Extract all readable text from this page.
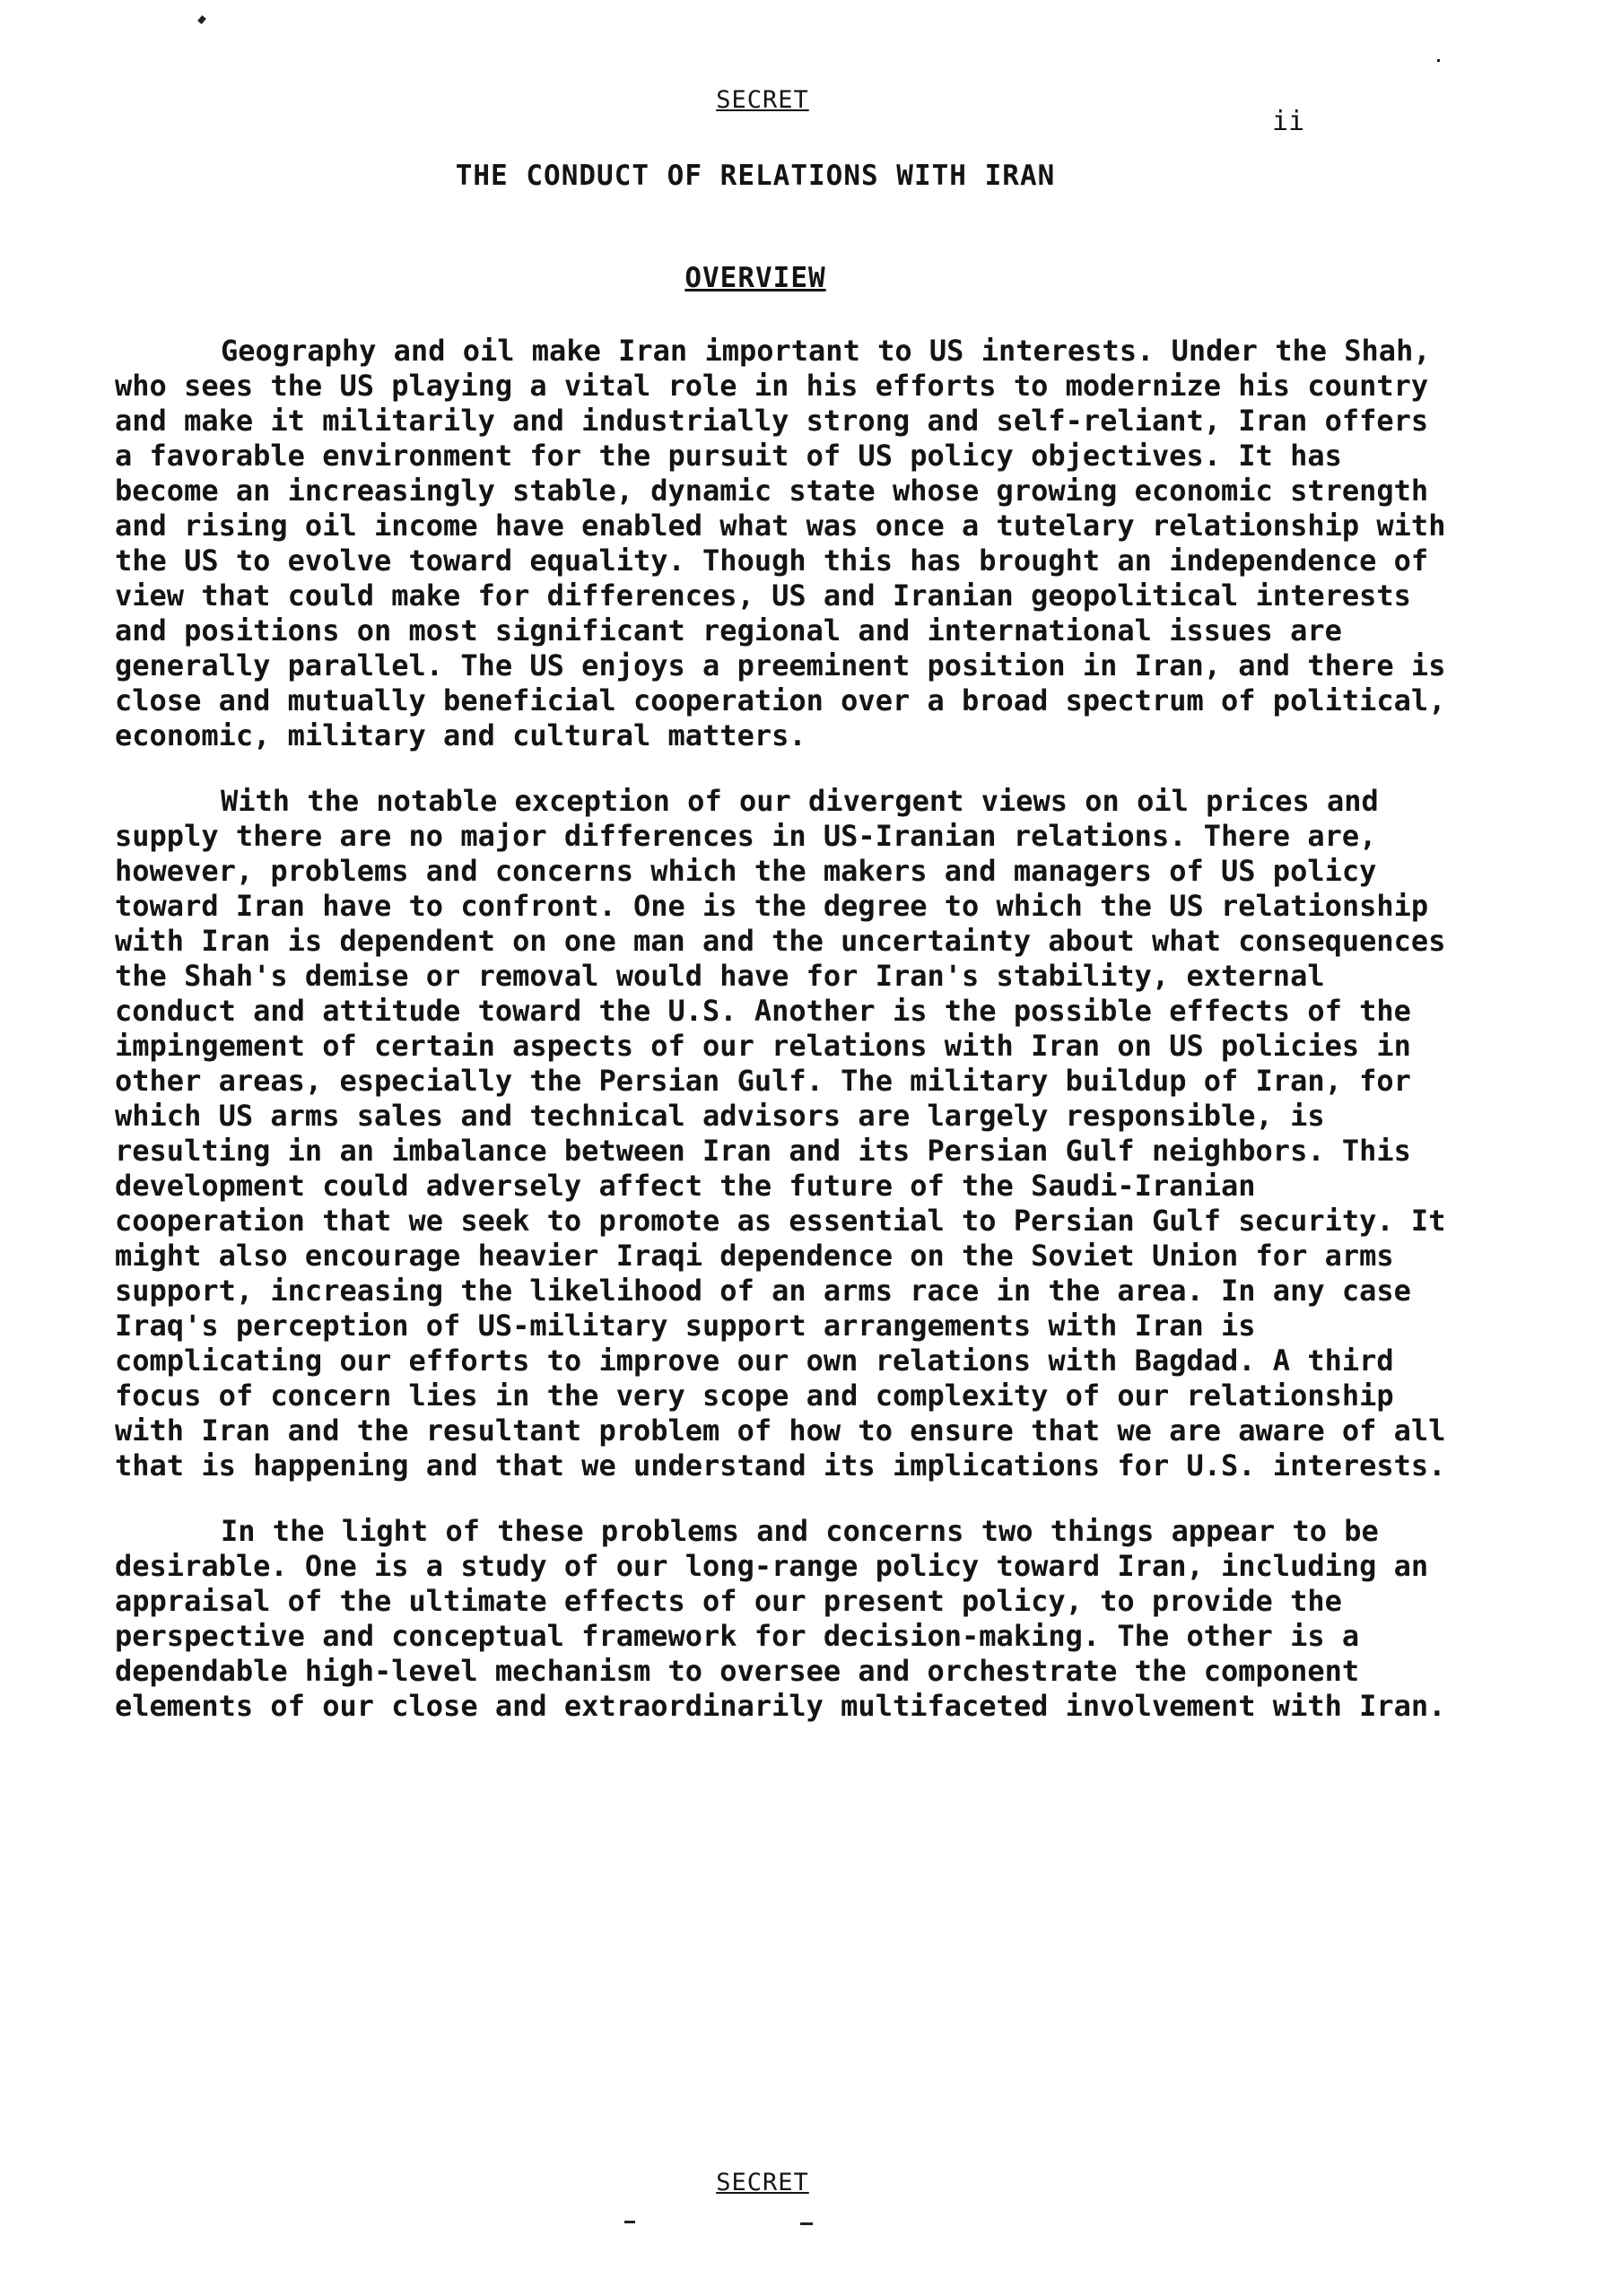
SECRET
ii
THE CONDUCT OF RELATIONS WITH IRAN
OVERVIEW

Geography and oil make Iran important to US interests. Under the Shah, who sees the US playing a vital role in his efforts to modernize his country and make it militarily and industrially strong and self-reliant, Iran offers a favorable environment for the pursuit of US policy objectives. It has become an increasingly stable, dynamic state whose growing economic strength and rising oil income have enabled what was once a tutelary relationship with the US to evolve toward equality. Though this has brought an independence of view that could make for differences, US and Iranian geopolitical interests and positions on most significant regional and international issues are generally parallel. The US enjoys a preeminent position in Iran, and there is close and mutually beneficial cooperation over a broad spectrum of political, economic, military and cultural matters.

With the notable exception of our divergent views on oil prices and supply there are no major differences in US-Iranian relations. There are, however, problems and concerns which the makers and managers of US policy toward Iran have to confront. One is the degree to which the US relationship with Iran is dependent on one man and the uncertainty about what consequences the Shah's demise or removal would have for Iran's stability, external conduct and attitude toward the U.S. Another is the possible effects of the impingement of certain aspects of our relations with Iran on US policies in other areas, especially the Persian Gulf. The military buildup of Iran, for which US arms sales and technical advisors are largely responsible, is resulting in an imbalance between Iran and its Persian Gulf neighbors. This development could adversely affect the future of the Saudi-Iranian cooperation that we seek to promote as essential to Persian Gulf security. It might also encourage heavier Iraqi dependence on the Soviet Union for arms support, increasing the likelihood of an arms race in the area. In any case Iraq's perception of US-military support arrangements with Iran is complicating our efforts to improve our own relations with Bagdad. A third focus of concern lies in the very scope and complexity of our relationship with Iran and the resultant problem of how to ensure that we are aware of all that is happening and that we understand its implications for U.S. interests.

In the light of these problems and concerns two things appear to be desirable. One is a study of our long-range policy toward Iran, including an appraisal of the ultimate effects of our present policy, to provide the perspective and conceptual framework for decision-making. The other is a dependable high-level mechanism to oversee and orchestrate the component elements of our close and extraordinarily multifaceted involvement with Iran.

SECRET
